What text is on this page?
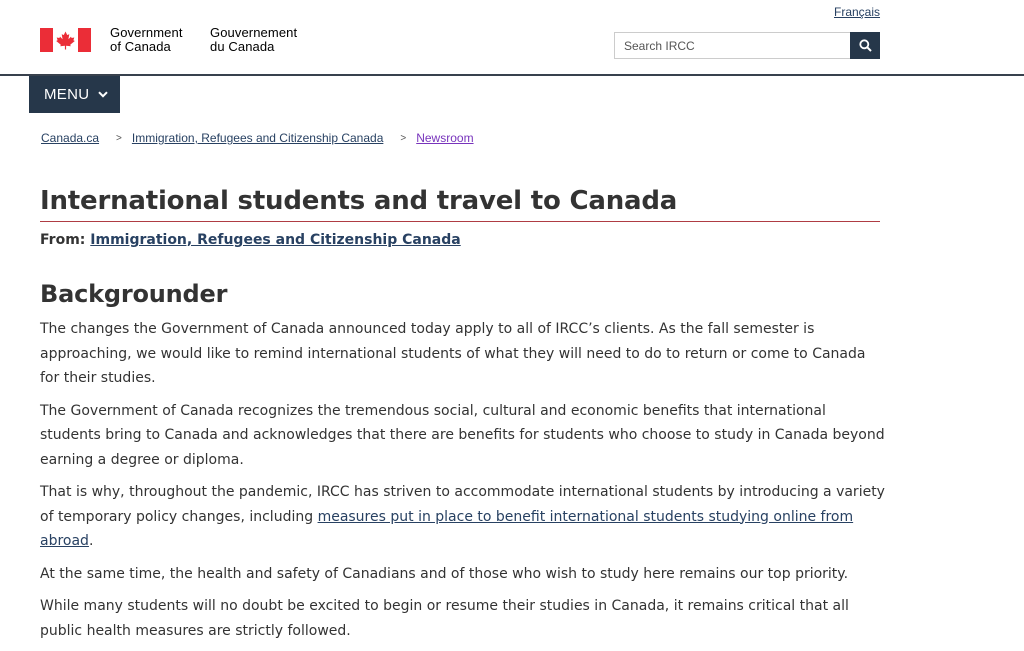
Français
Government
of Canada
Gouvernement
du Canada
Search IRCC
MENU
Canada.ca > Immigration, Refugees and Citizenship Canada > Newsroom
International students and travel to Canada
From: Immigration, Refugees and Citizenship Canada
Backgrounder

The changes the Government of Canada announced today apply to all of IRCC’s clients. As the fall semester is approaching, we would like to remind international students of what they will need to do to return or come to Canada for their studies.

The Government of Canada recognizes the tremendous social, cultural and economic benefits that international students bring to Canada and acknowledges that there are benefits for students who choose to study in Canada beyond earning a degree or diploma.

That is why, throughout the pandemic, IRCC has striven to accommodate international students by introducing a variety of temporary policy changes, including measures put in place to benefit international students studying online from abroad.

At the same time, the health and safety of Canadians and of those who wish to study here remains our top priority.

While many students will no doubt be excited to begin or resume their studies in Canada, it remains critical that all public health measures are strictly followed.
